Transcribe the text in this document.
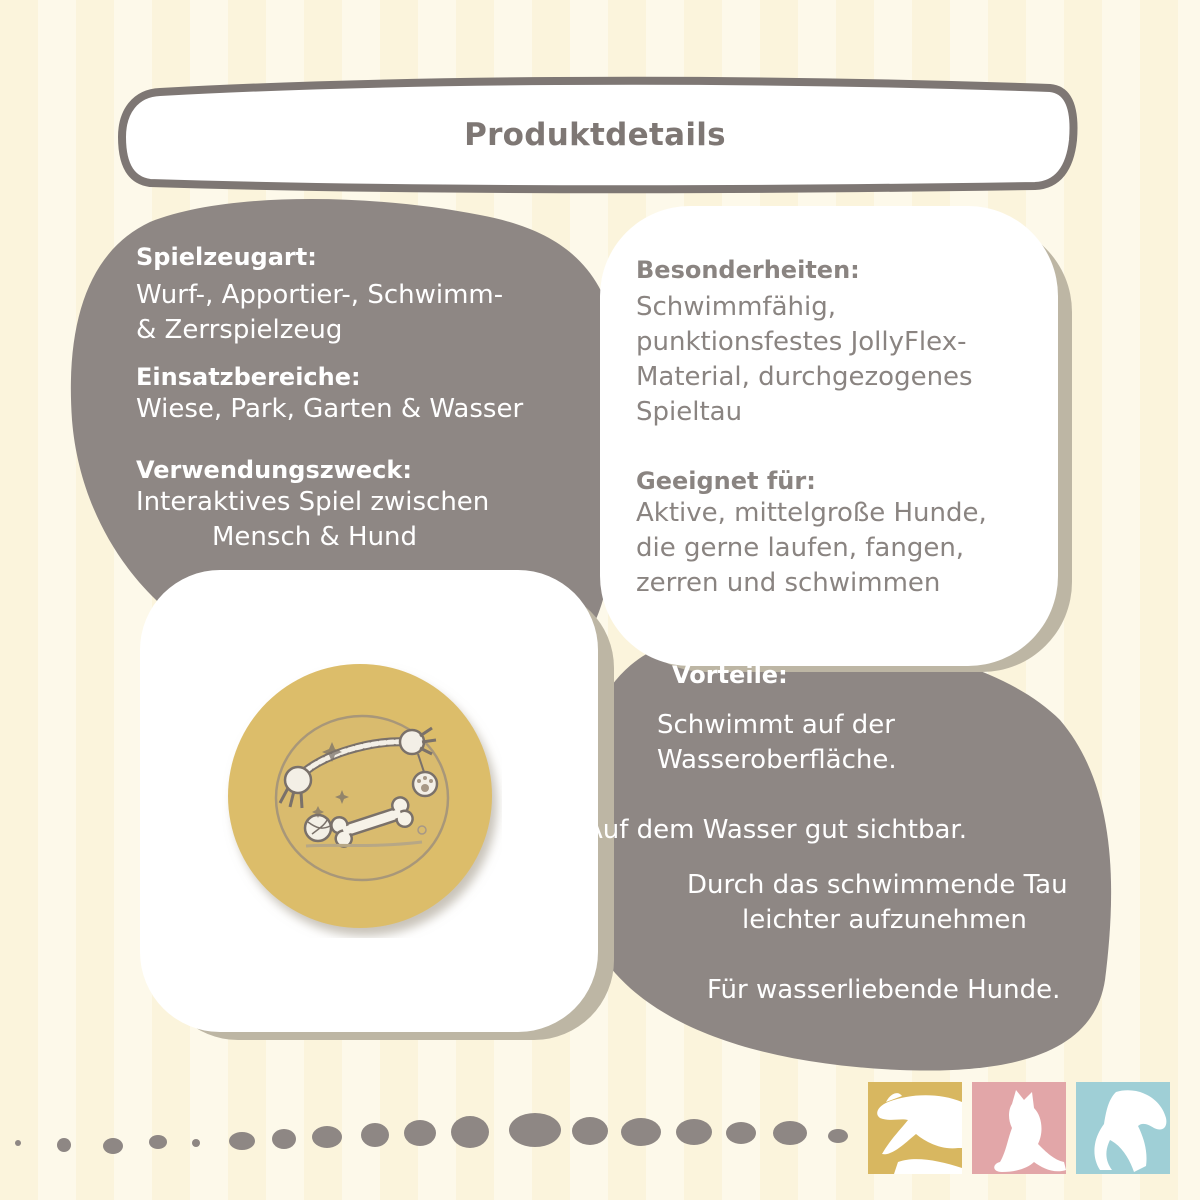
Produktdetails
Spielzeugart:
Wurf-, Apportier-, Schwimm-
& Zerrspielzeug
Einsatzbereiche:
Wiese, Park, Garten & Wasser
Verwendungszweck:
Interaktives Spiel zwischen
Mensch & Hund
Besonderheiten:
Schwimmfähig,
punktionsfestes JollyFlex-
Material, durchgezogenes
Spieltau
Geeignet für:
Aktive, mittelgroße Hunde,
die gerne laufen, fangen,
zerren und schwimmen
Vorteile:
Schwimmt auf der
Wasseroberfläche.
Auf dem Wasser gut sichtbar.
Durch das schwimmende Tau
leichter aufzunehmen
Für wasserliebende Hunde.
